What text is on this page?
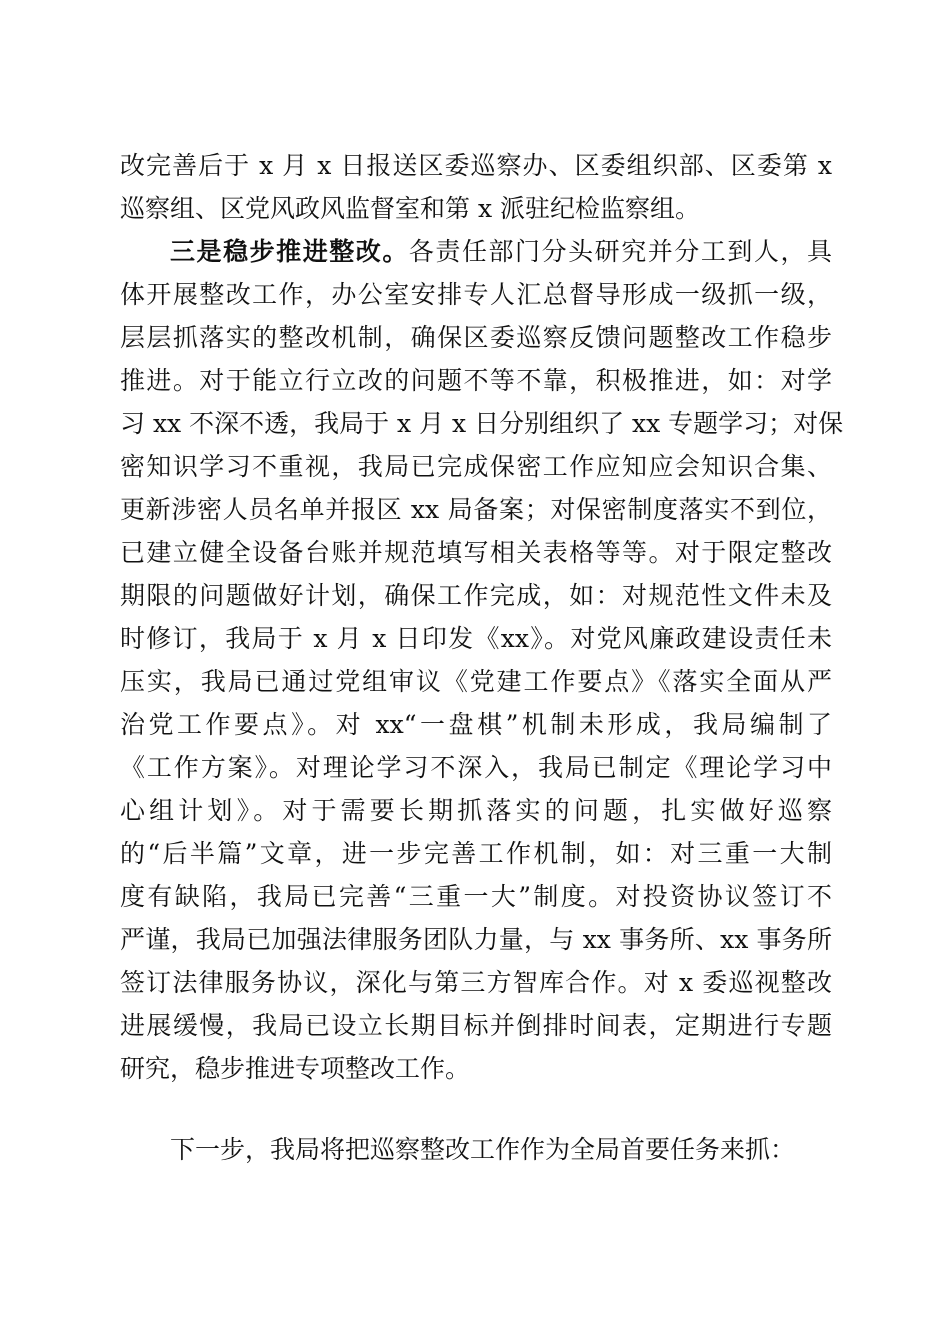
改完善后于 x 月 x 日报送区委巡察办、区委组织部、区委第 x
巡察组、区党风政风监督室和第 x 派驻纪检监察组。
三是稳步推进整改。各责任部门分头研究并分工到人，具
体开展整改工作，办公室安排专人汇总督导形成一级抓一级，
层层抓落实的整改机制，确保区委巡察反馈问题整改工作稳步
推进。对于能立行立改的问题不等不靠，积极推进，如：对学
习 xx 不深不透，我局于 x 月 x 日分别组织了 xx 专题学习；对保
密知识学习不重视，我局已完成保密工作应知应会知识合集、
更新涉密人员名单并报区 xx 局备案；对保密制度落实不到位，
已建立健全设备台账并规范填写相关表格等等。对于限定整改
期限的问题做好计划，确保工作完成，如：对规范性文件未及
时修订，我局于 x 月 x 日印发《xx》。对党风廉政建设责任未
压实，我局已通过党组审议《党建工作要点》《落实全面从严
治党工作要点》。对 xx“一盘棋”机制未形成，我局编制了
《工作方案》。对理论学习不深入，我局已制定《理论学习中
心组计划》。对于需要长期抓落实的问题，扎实做好巡察
的“后半篇”文章，进一步完善工作机制，如：对三重一大制
度有缺陷，我局已完善“三重一大”制度。对投资协议签订不
严谨，我局已加强法律服务团队力量，与 xx 事务所、xx 事务所
签订法律服务协议，深化与第三方智库合作。对 x 委巡视整改
进展缓慢，我局已设立长期目标并倒排时间表，定期进行专题
研究，稳步推进专项整改工作。
下一步，我局将把巡察整改工作作为全局首要任务来抓：
